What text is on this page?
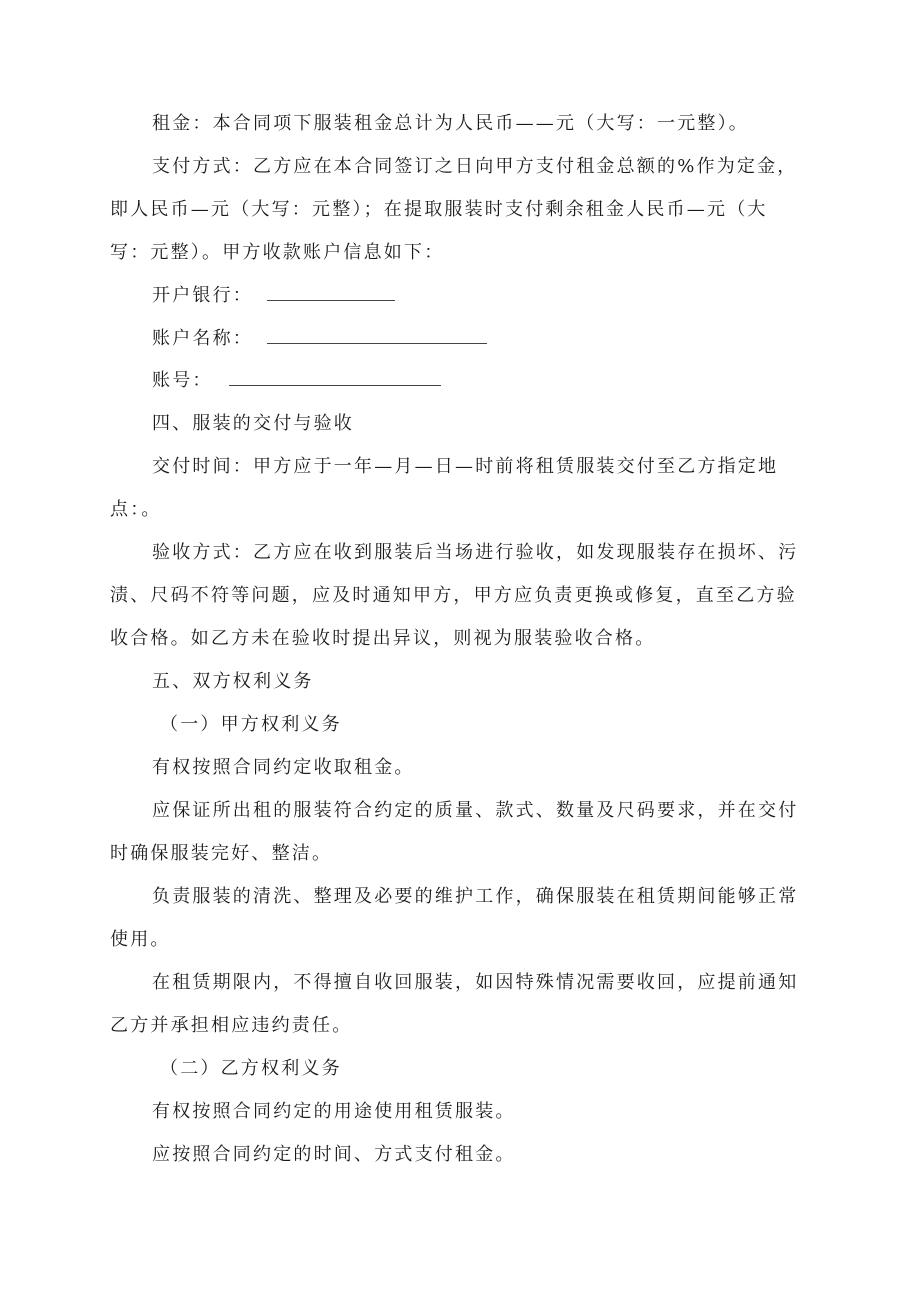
租金：本合同项下服装租金总计为人民币——元（大写：一元整）。
支付方式：乙方应在本合同签订之日向甲方支付租金总额的%作为定金，
即人民币—元（大写：元整）；在提取服装时支付剩余租金人民币—元（大
写：元整）。甲方收款账户信息如下：
开户银行：
账户名称：
账号：
四、服装的交付与验收
交付时间：甲方应于一年—月—日—时前将租赁服装交付至乙方指定地
点：。
验收方式：乙方应在收到服装后当场进行验收，如发现服装存在损坏、污
渍、尺码不符等问题，应及时通知甲方，甲方应负责更换或修复，直至乙方验
收合格。如乙方未在验收时提出异议，则视为服装验收合格。
五、双方权利义务
（一）甲方权利义务
有权按照合同约定收取租金。
应保证所出租的服装符合约定的质量、款式、数量及尺码要求，并在交付
时确保服装完好、整洁。
负责服装的清洗、整理及必要的维护工作，确保服装在租赁期间能够正常
使用。
在租赁期限内，不得擅自收回服装，如因特殊情况需要收回，应提前通知
乙方并承担相应违约责任。
（二）乙方权利义务
有权按照合同约定的用途使用租赁服装。
应按照合同约定的时间、方式支付租金。
